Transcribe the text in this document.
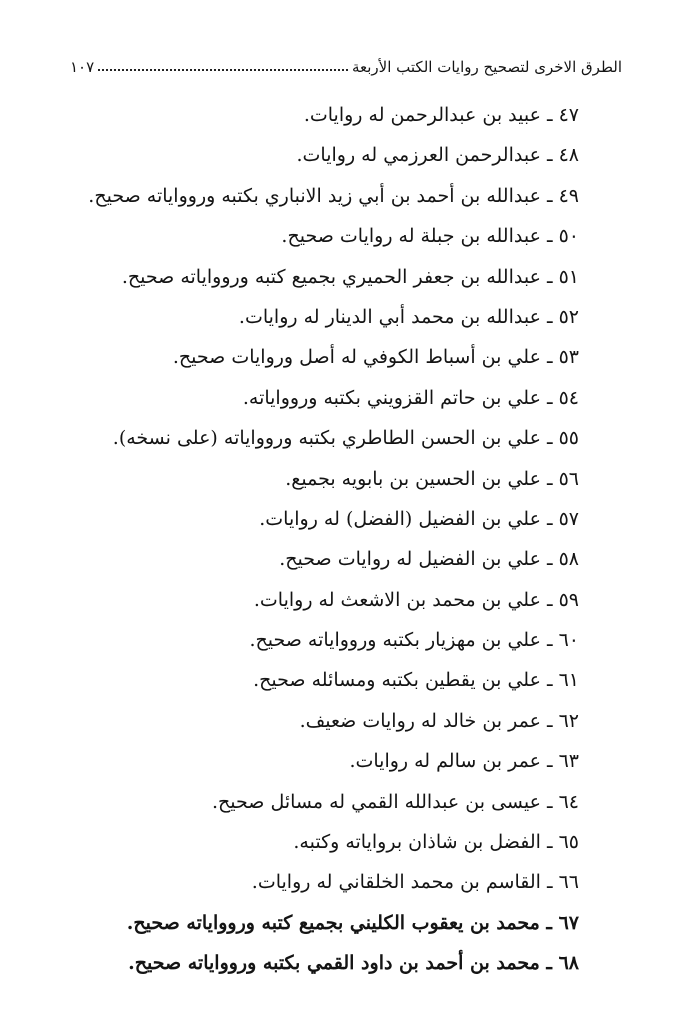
الطرق الاخرى لتصحيح روايات الكتب الأربعة
١٠٧
٤٧ ـ عبيد بن عبدالرحمن له روايات.
٤٨ ـ عبدالرحمن العرزمي له روايات.
٤٩ ـ عبدالله بن أحمد بن أبي زيد الانباري بكتبه وروواياته صحيح.
٥٠ ـ عبدالله بن جبلة له روايات صحيح.
٥١ ـ عبدالله بن جعفر الحميري بجميع كتبه وروواياته صحيح.
٥٢ ـ عبدالله بن محمد أبي الدينار له روايات.
٥٣ ـ علي بن أسباط الكوفي له أصل وروايات صحيح.
٥٤ ـ علي بن حاتم القزويني بكتبه وروواياته.
٥٥ ـ علي بن الحسن الطاطري بكتبه وروواياته (على نسخه).
٥٦ ـ علي بن الحسين بن بابويه بجميع.
٥٧ ـ علي بن الفضيل (الفضل) له روايات.
٥٨ ـ علي بن الفضيل له روايات صحيح.
٥٩ ـ علي بن محمد بن الاشعث له روايات.
٦٠ ـ علي بن مهزيار بكتبه وروواياته صحيح.
٦١ ـ علي بن يقطين بكتبه ومسائله صحيح.
٦٢ ـ عمر بن خالد له روايات ضعيف.
٦٣ ـ عمر بن سالم له روايات.
٦٤ ـ عيسى بن عبدالله القمي له مسائل صحيح.
٦٥ ـ الفضل بن شاذان برواياته وكتبه.
٦٦ ـ القاسم بن محمد الخلقاني له روايات.
٦٧ ـ محمد بن يعقوب الكليني بجميع كتبه وروواياته صحيح.
٦٨ ـ محمد بن أحمد بن داود القمي بكتبه وروواياته صحيح.
